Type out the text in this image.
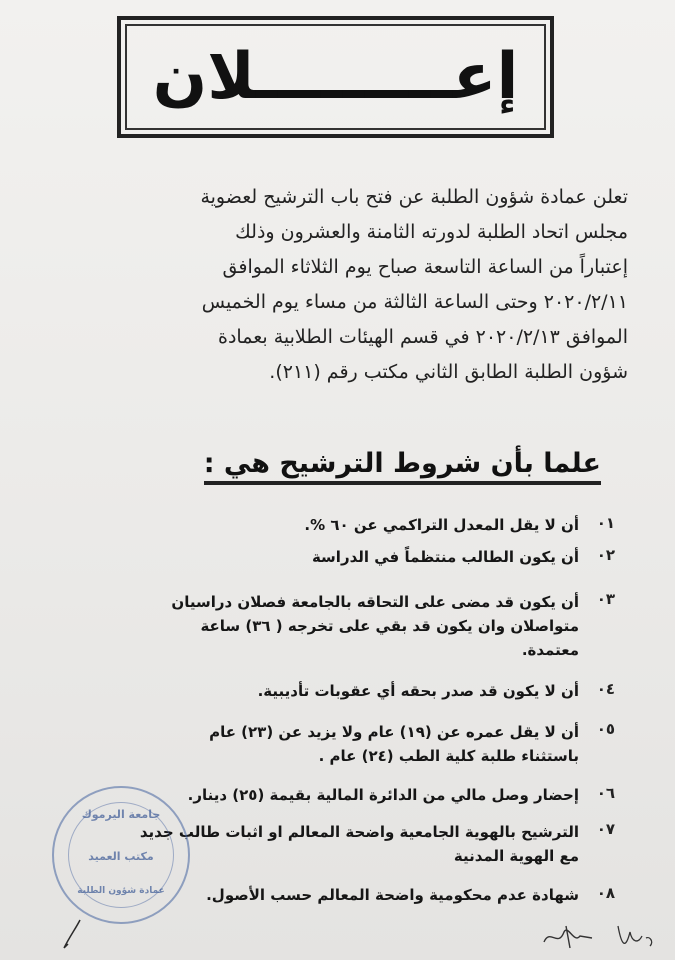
إعـــــــــلان
تعلن عمادة شؤون الطلبة عن فتح باب الترشيح لعضوية
مجلس اتحاد الطلبة لدورته الثامنة والعشرون وذلك
إعتباراً من الساعة التاسعة صباح يوم الثلاثاء الموافق
٢٠٢٠/٢/١١ وحتى الساعة الثالثة من مساء يوم الخميس
الموافق ٢٠٢٠/٢/١٣ في قسم الهيئات الطلابية بعمادة
شؤون الطلبة الطابق الثاني مكتب رقم (٢١١).
علما بأن شروط الترشيح هي :
٠١
أن لا يقل المعدل التراكمي عن ٦٠ %.
٠٢
أن يكون الطالب منتظماً في الدراسة
٠٣
أن يكون قد مضى على التحاقه بالجامعة فصلان دراسيان
متواصلان وان يكون قد بقي على تخرجه ( ٣٦) ساعة
معتمدة.
٠٤
أن لا يكون قد صدر بحقه أي عقوبات تأديبية.
٠٥
أن لا يقل عمره عن (١٩) عام ولا يزيد عن (٢٣) عام
باستثناء طلبة كلية الطب (٢٤) عام .
٠٦
إحضار وصل مالي من الدائرة المالية بقيمة (٢٥) دينار.
٠٧
الترشيح بالهوية الجامعية واضحة المعالم او اثبات طالب جديد
مع الهوية المدنية
٠٨
شهادة عدم محكومية واضحة المعالم حسب الأصول.
جامعة اليرموك
مكتب العميد
عمادة شؤون الطلبة
